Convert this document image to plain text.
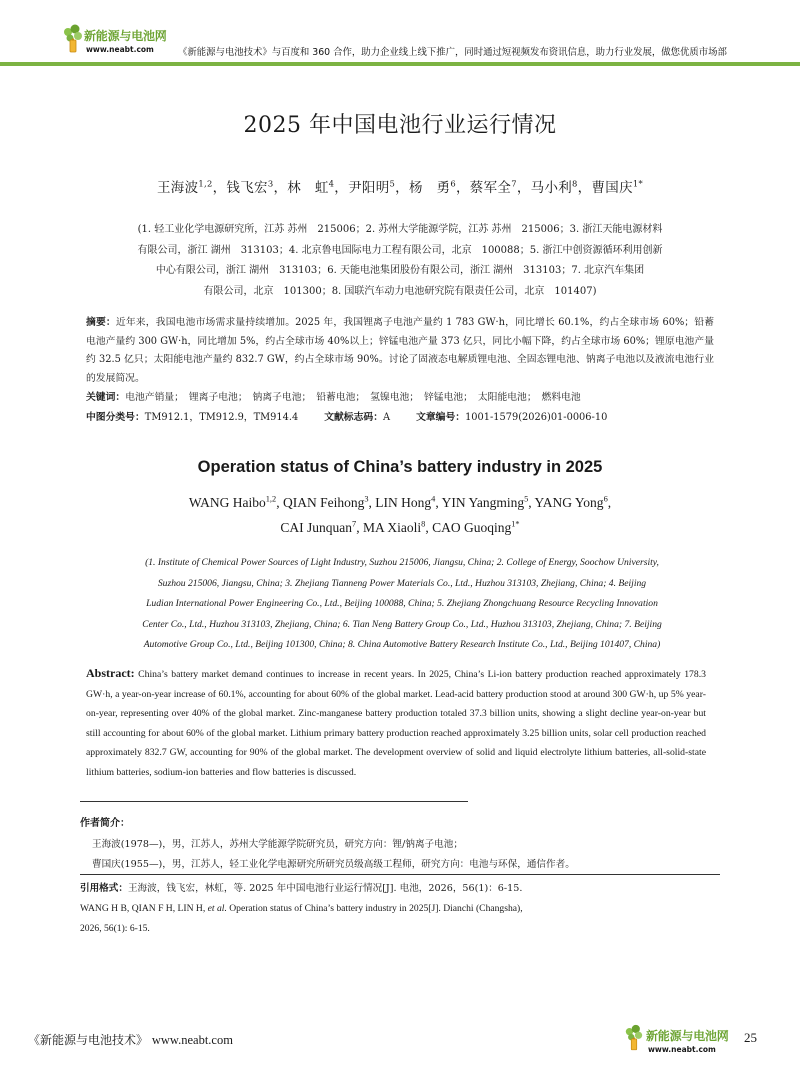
新能源与电池网
www.neabt.com	《新能源与电池技术》与百度和 360 合作，助力企业线上线下推广，同时通过短视频发布资讯信息，助力行业发展，做您优质市场部
2025 年中国电池行业运行情况
王海波$^{1,2}$，钱飞宏$^3$，林　虹$^4$，尹阳明$^5$，杨　勇$^6$，蔡军全$^7$，马小利$^8$，曹国庆$^{1*}$
(1. 轻工业化学电源研究所，江苏 苏州　215006；2. 苏州大学能源学院，江苏 苏州　215006；3. 浙江天能电源材料
有限公司，浙江 湖州　313103；4. 北京鲁电国际电力工程有限公司，北京　100088；5. 浙江中创资源循环利用创新
中心有限公司，浙江 湖州　313103；6. 天能电池集团股份有限公司，浙江 湖州　313103；7. 北京汽车集团
有限公司，北京　101300；8. 国联汽车动力电池研究院有限责任公司，北京　101407)
摘要：近年来，我国电池市场需求量持续增加。2025 年，我国锂离子电池产量约 1 783 GW·h，同比增长 60.1%，约占全球市场 60%；铅蓄电池产量约 300 GW·h，同比增加 5%，约占全球市场 40%以上；锌锰电池产量 373 亿只，同比小幅下降，约占全球市场 60%；锂原电池产量约 32.5 亿只；太阳能电池产量约 832.7 GW，约占全球市场 90%。讨论了固液态电解质锂电池、全固态锂电池、钠离子电池以及液流电池行业的发展简况。
关键词：电池产销量；　锂离子电池；　钠离子电池；　铅蓄电池；　氢镍电池；　锌锰电池；　太阳能电池；　燃料电池
中图分类号：TM912.1，TM912.9，TM914.4	文献标志码：A	文章编号：1001-1579(2026)01-0006-10
Operation status of China’s battery industry in 2025
WANG Haibo$^{1,2}$, QIAN Feihong$^3$, LIN Hong$^4$, YIN Yangming$^5$, YANG Yong$^6$,
CAI Junquan$^7$, MA Xiaoli$^8$, CAO Guoqing$^{1*}$
(1. Institute of Chemical Power Sources of Light Industry, Suzhou 215006, Jiangsu, China; 2. College of Energy, Soochow University,
Suzhou 215006, Jiangsu, China; 3. Zhejiang Tianneng Power Materials Co., Ltd., Huzhou 313103, Zhejiang, China; 4. Beijing
Ludian International Power Engineering Co., Ltd., Beijing 100088, China; 5. Zhejiang Zhongchuang Resource Recycling Innovation
Center Co., Ltd., Huzhou 313103, Zhejiang, China; 6. Tian Neng Battery Group Co., Ltd., Huzhou 313103, Zhejiang, China; 7. Beijing
Automotive Group Co., Ltd., Beijing 101300, China; 8. China Automotive Battery Research Institute Co., Ltd., Beijing 101407, China)
Abstract: China’s battery market demand continues to increase in recent years. In 2025, China’s Li-ion battery production reached approximately 178.3 GW·h, a year-on-year increase of 60.1%, accounting for about 60% of the global market. Lead-acid battery production stood at around 300 GW·h, up 5% year-on-year, representing over 40% of the global market. Zinc-manganese battery production totaled 37.3 billion units, showing a slight decline year-on-year but still accounting for about 60% of the global market. Lithium primary battery production reached approximately 3.25 billion units, solar cell production reached approximately 832.7 GW, accounting for 90% of the global market. The development overview of solid and liquid electrolyte lithium batteries, all-solid-state lithium batteries, sodium-ion batteries and flow batteries is discussed.
作者简介：
王海波(1978—)，男，江苏人，苏州大学能源学院研究员，研究方向：锂/钠离子电池；
曹国庆(1955—)，男，江苏人，轻工业化学电源研究所研究员级高级工程师，研究方向：电池与环保，通信作者。
引用格式：王海波，钱飞宏，林虹，等. 2025 年中国电池行业运行情况[J]. 电池，2026，56(1)：6-15.
WANG H B, QIAN F H, LIN H, et al. Operation status of China’s battery industry in 2025[J]. Dianchi (Changsha),
2026, 56(1): 6-15.
《新能源与电池技术》 www.neabt.com	新能源与电池网
www.neabt.com
25
